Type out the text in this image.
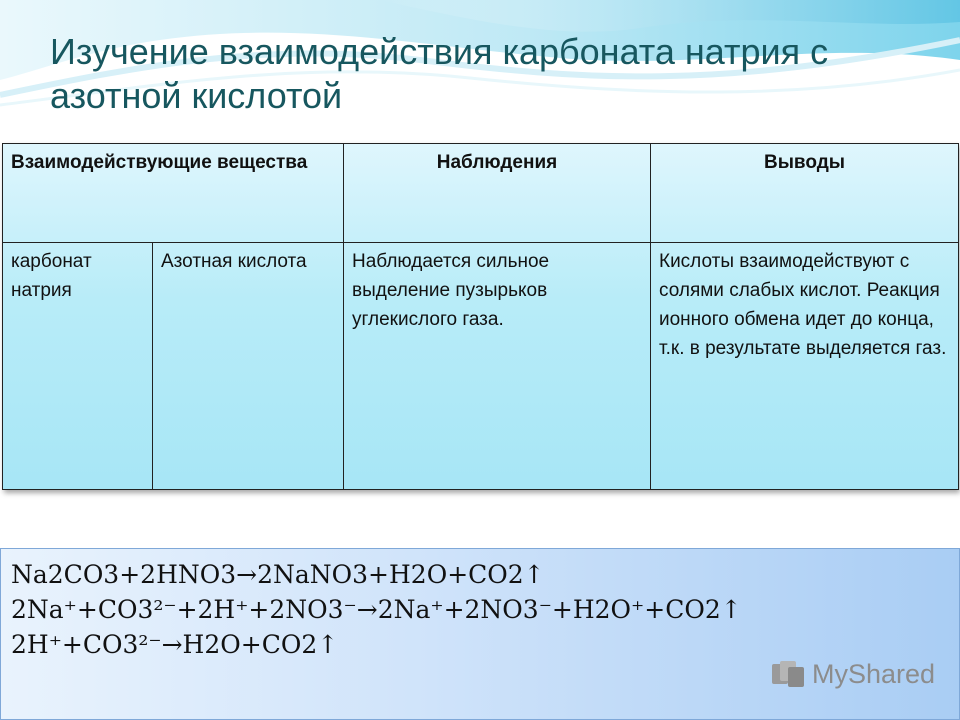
Изучение взаимодействия карбоната натрия с азотной кислотой
Взаимодействующие вещества		Наблюдения	Выводы
карбонат натрия	Азотная кислота	Наблюдается сильное выделение пузырьков углекислого газа.	Кислоты взаимодействуют с солями слабых кислот. Реакция ионного обмена идет до конца, т.к. в результате выделяется газ.
Na2CO3+2HNO3→2NaNO3+H2O+CO2↑
2Na⁺+CO3²⁻+2H⁺+2NO3⁻→2Na⁺+2NO3⁻+H2O⁺+CO2↑
2H⁺+CO3²⁻→H2O+CO2↑
MyShared
